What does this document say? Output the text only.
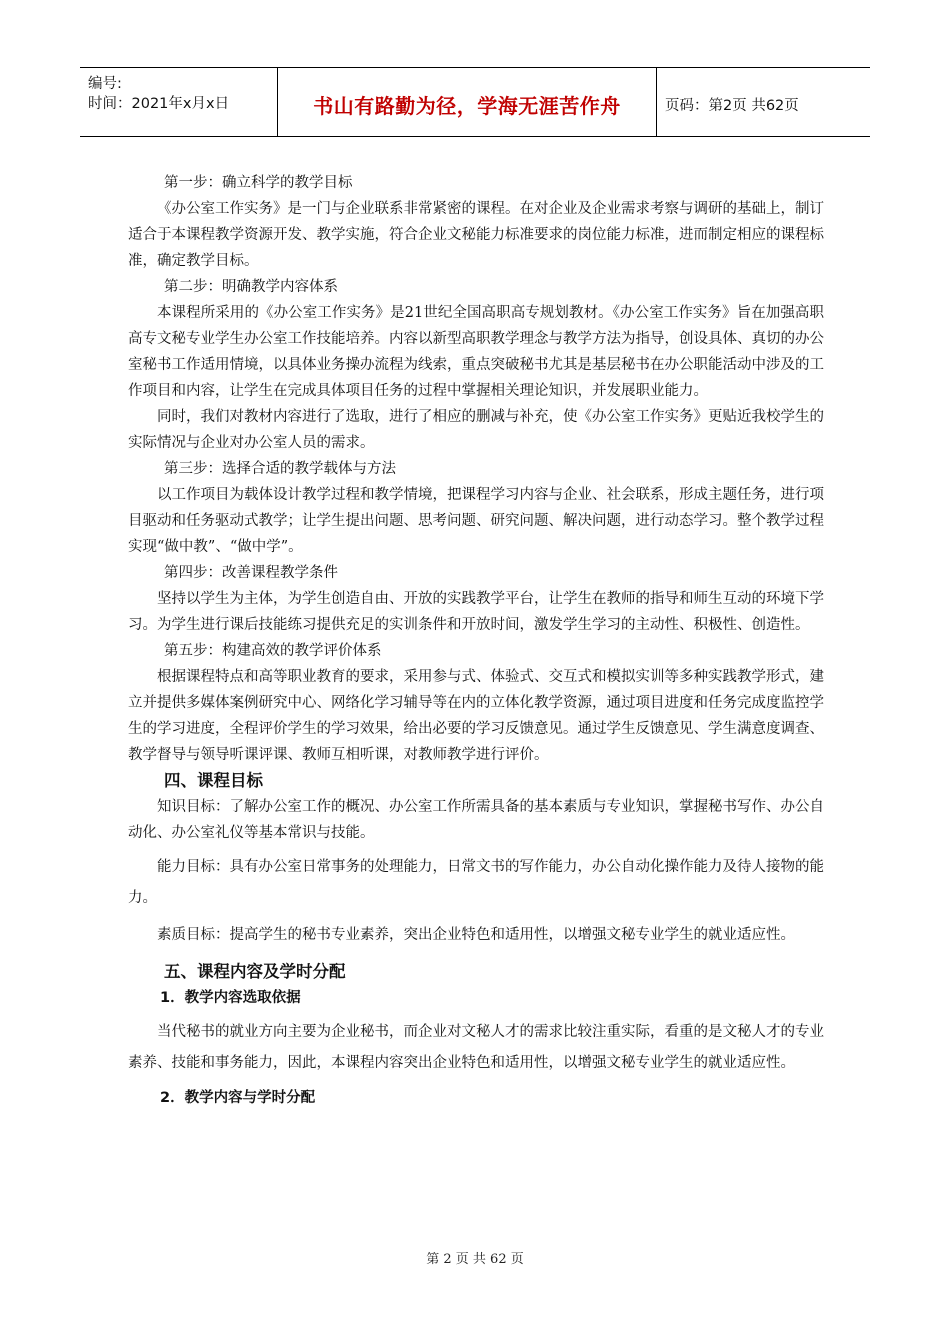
编号:
时间：2021年x月x日	书山有路勤为径，学海无涯苦作舟	页码：第2页 共62页

第一步：确立科学的教学目标

《办公室工作实务》是一门与企业联系非常紧密的课程。在对企业及企业需求考察与调研的基础上，制订适合于本课程教学资源开发、教学实施，符合企业文秘能力标准要求的岗位能力标准，进而制定相应的课程标准，确定教学目标。

第二步：明确教学内容体系

本课程所采用的《办公室工作实务》是21世纪全国高职高专规划教材。《办公室工作实务》旨在加强高职高专文秘专业学生办公室工作技能培养。内容以新型高职教学理念与教学方法为指导，创设具体、真切的办公室秘书工作适用情境，以具体业务操办流程为线索，重点突破秘书尤其是基层秘书在办公职能活动中涉及的工作项目和内容，让学生在完成具体项目任务的过程中掌握相关理论知识，并发展职业能力。

同时，我们对教材内容进行了选取，进行了相应的删减与补充，使《办公室工作实务》更贴近我校学生的实际情况与企业对办公室人员的需求。

第三步：选择合适的教学载体与方法

以工作项目为载体设计教学过程和教学情境，把课程学习内容与企业、社会联系，形成主题任务，进行项目驱动和任务驱动式教学；让学生提出问题、思考问题、研究问题、解决问题，进行动态学习。整个教学过程实现“做中教”、“做中学”。

第四步：改善课程教学条件

坚持以学生为主体，为学生创造自由、开放的实践教学平台，让学生在教师的指导和师生互动的环境下学习。为学生进行课后技能练习提供充足的实训条件和开放时间，激发学生学习的主动性、积极性、创造性。

第五步：构建高效的教学评价体系

根据课程特点和高等职业教育的要求，采用参与式、体验式、交互式和模拟实训等多种实践教学形式，建立并提供多媒体案例研究中心、网络化学习辅导等在内的立体化教学资源，通过项目进度和任务完成度监控学生的学习进度，全程评价学生的学习效果，给出必要的学习反馈意见。通过学生反馈意见、学生满意度调查、教学督导与领导听课评课、教师互相听课，对教师教学进行评价。

四、课程目标

知识目标：了解办公室工作的概况、办公室工作所需具备的基本素质与专业知识，掌握秘书写作、办公自动化、办公室礼仪等基本常识与技能。

能力目标：具有办公室日常事务的处理能力，日常文书的写作能力，办公自动化操作能力及待人接物的能力。

素质目标：提高学生的秘书专业素养，突出企业特色和适用性，以增强文秘专业学生的就业适应性。

五、课程内容及学时分配

1．教学内容选取依据

当代秘书的就业方向主要为企业秘书，而企业对文秘人才的需求比较注重实际，看重的是文秘人才的专业素养、技能和事务能力，因此，本课程内容突出企业特色和适用性，以增强文秘专业学生的就业适应性。

2．教学内容与学时分配

第 2 页 共 62 页
